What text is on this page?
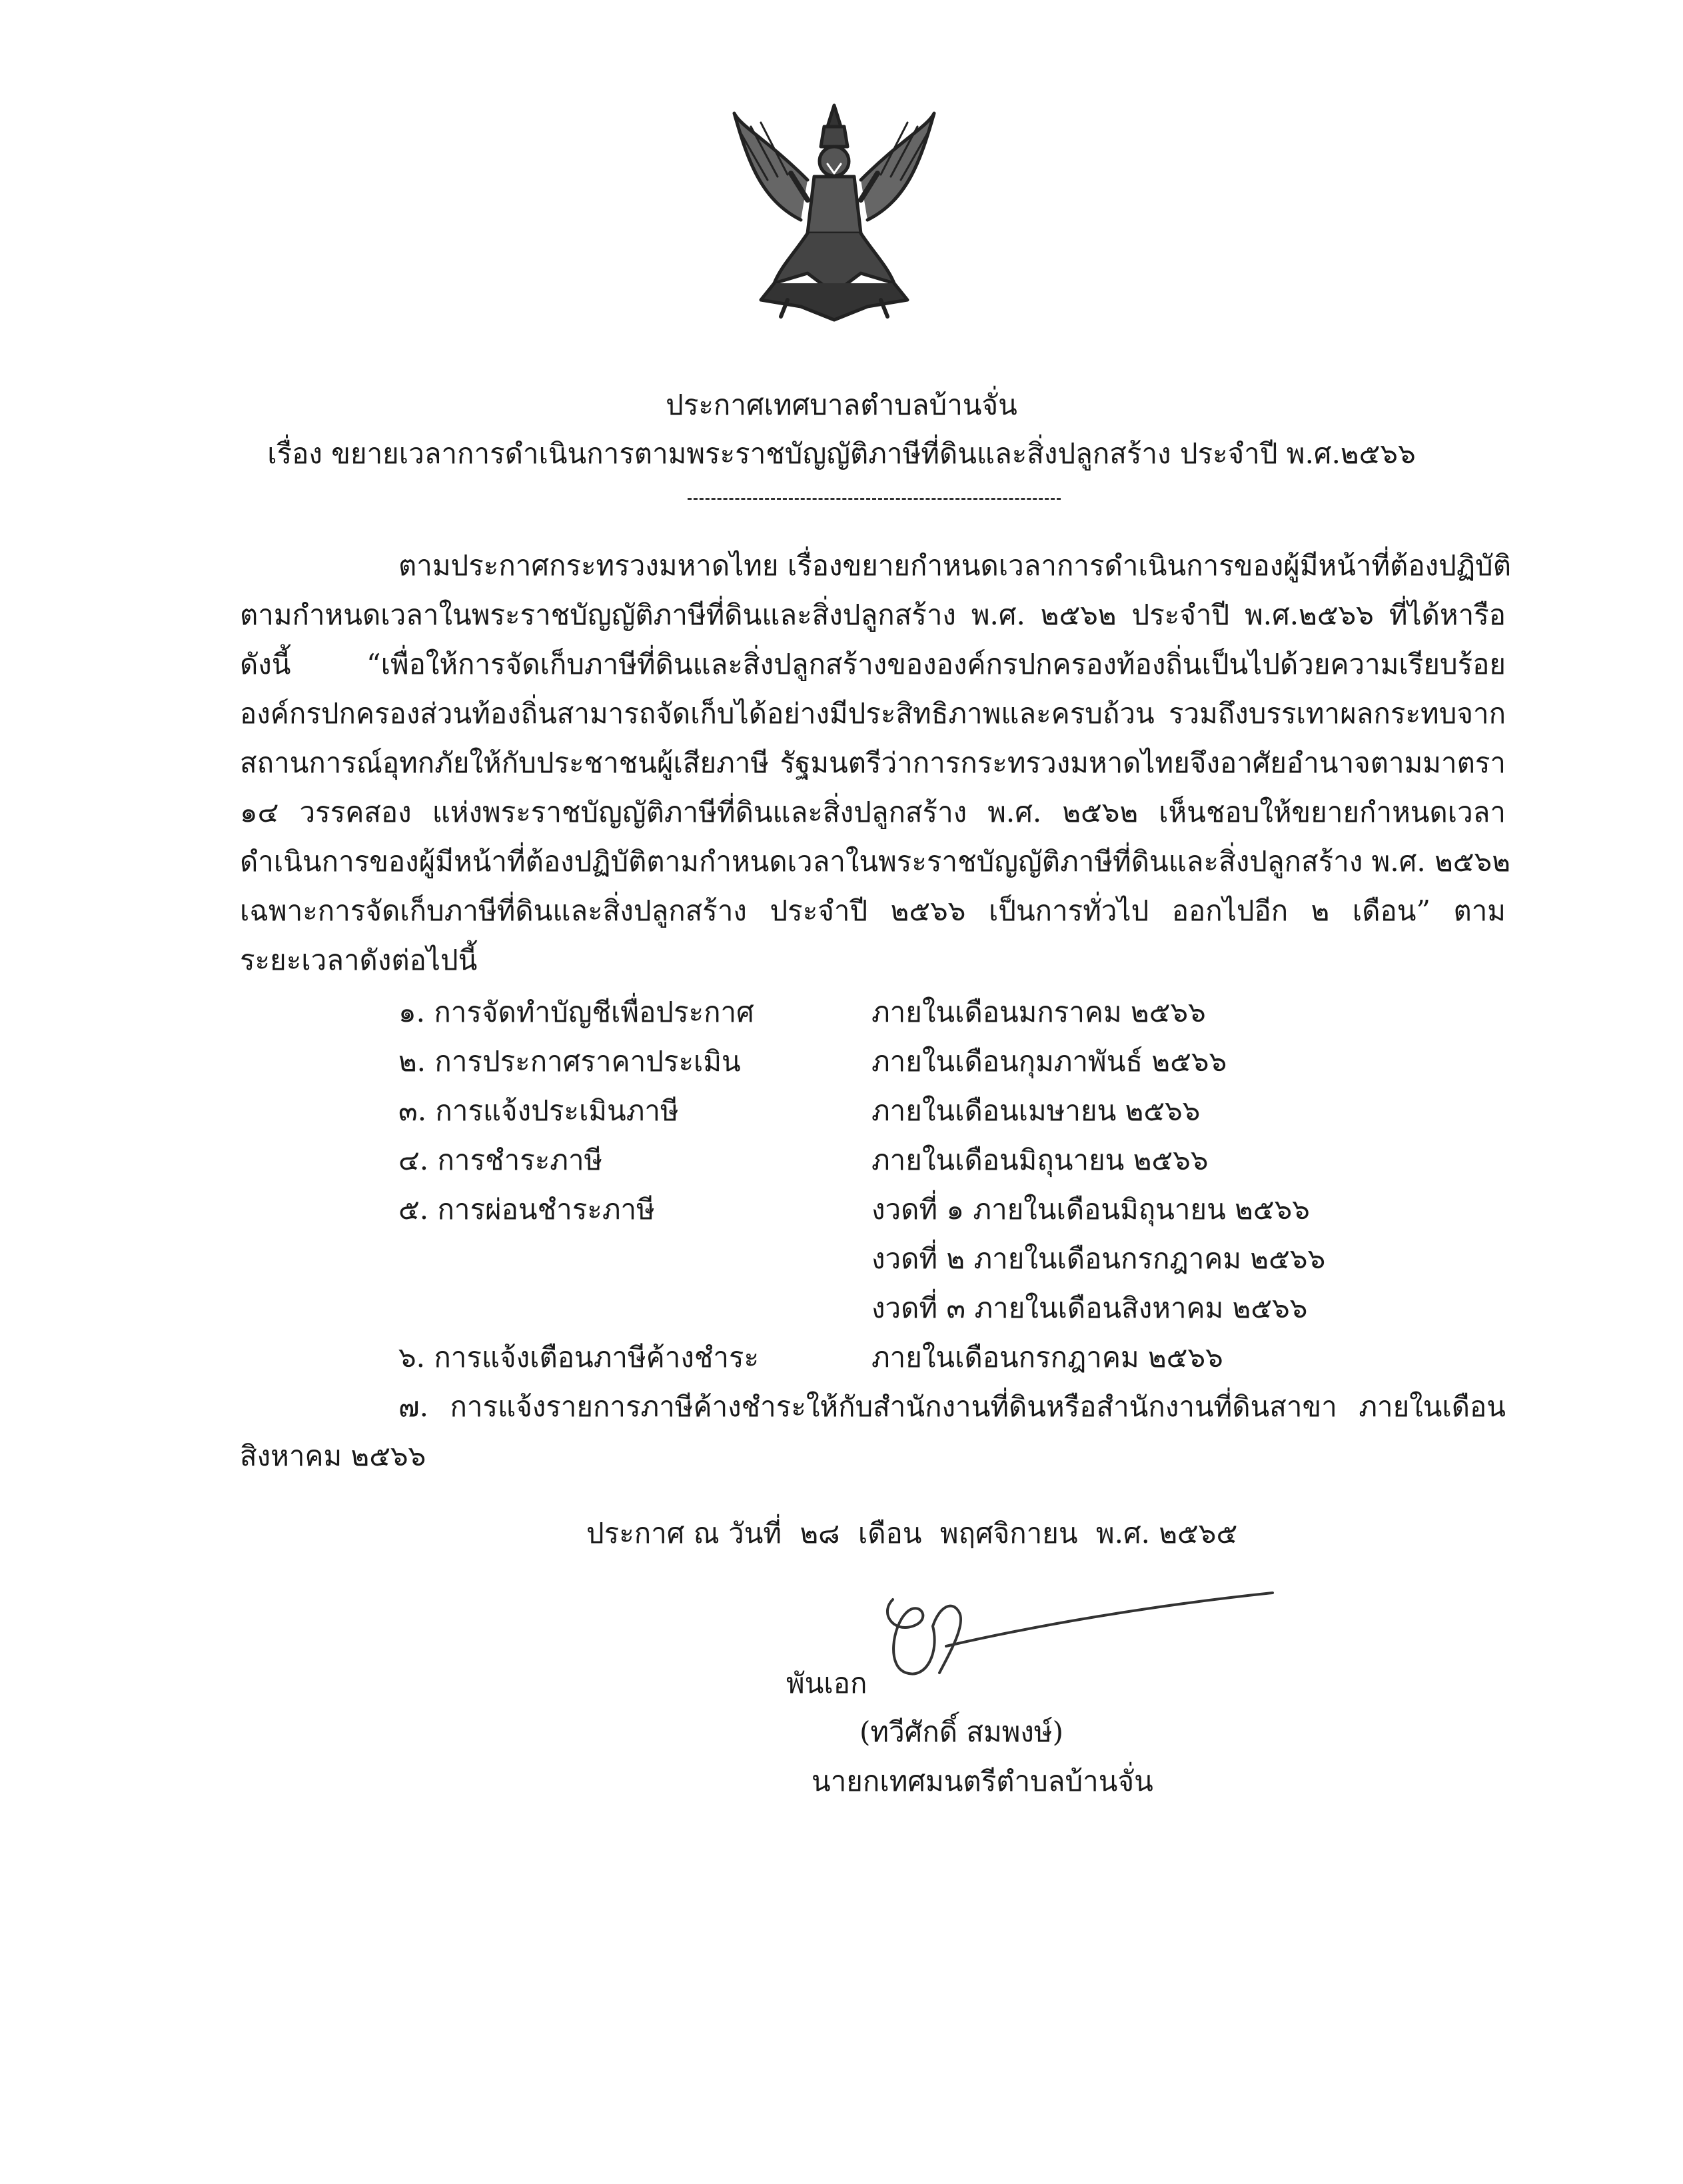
ประกาศเทศบาลตำบลบ้านจั่น
เรื่อง ขยายเวลาการดำเนินการตามพระราชบัญญัติภาษีที่ดินและสิ่งปลูกสร้าง ประจำปี พ.ศ.๒๕๖๖
ตามประกาศกระทรวงมหาดไทย เรื่องขยายกำหนดเวลาการดำเนินการของผู้มีหน้าที่ต้องปฏิบัติ
ตามกำหนดเวลาในพระราชบัญญัติภาษีที่ดินและสิ่งปลูกสร้าง พ.ศ. ๒๕๖๒ ประจำปี พ.ศ.๒๕๖๖ ที่ได้หารือ
ดังนี้ “เพื่อให้การจัดเก็บภาษีที่ดินและสิ่งปลูกสร้างขององค์กรปกครองท้องถิ่นเป็นไปด้วยความเรียบร้อย
องค์กรปกครองส่วนท้องถิ่นสามารถจัดเก็บได้อย่างมีประสิทธิภาพและครบถ้วน รวมถึงบรรเทาผลกระทบจาก
สถานการณ์อุทกภัยให้กับประชาชนผู้เสียภาษี รัฐมนตรีว่าการกระทรวงมหาดไทยจึงอาศัยอำนาจตามมาตรา
๑๔ วรรคสอง แห่งพระราชบัญญัติภาษีที่ดินและสิ่งปลูกสร้าง พ.ศ. ๒๕๖๒ เห็นชอบให้ขยายกำหนดเวลา
ดำเนินการของผู้มีหน้าที่ต้องปฏิบัติตามกำหนดเวลาในพระราชบัญญัติภาษีที่ดินและสิ่งปลูกสร้าง พ.ศ. ๒๕๖๒
เฉพาะการจัดเก็บภาษีที่ดินและสิ่งปลูกสร้าง ประจำปี ๒๕๖๖ เป็นการทั่วไป ออกไปอีก ๒ เดือน” ตาม
ระยะเวลาดังต่อไปนี้
๑. การจัดทำบัญชีเพื่อประกาศ	ภายในเดือนมกราคม ๒๕๖๖
๒. การประกาศราคาประเมิน	ภายในเดือนกุมภาพันธ์ ๒๕๖๖
๓. การแจ้งประเมินภาษี	ภายในเดือนเมษายน ๒๕๖๖
๔. การชำระภาษี	ภายในเดือนมิถุนายน ๒๕๖๖
๕. การผ่อนชำระภาษี	งวดที่ ๑ ภายในเดือนมิถุนายน ๒๕๖๖
งวดที่ ๒ ภายในเดือนกรกฎาคม ๒๕๖๖
งวดที่ ๓ ภายในเดือนสิงหาคม ๒๕๖๖
๖. การแจ้งเตือนภาษีค้างชำระ	ภายในเดือนกรกฎาคม ๒๕๖๖
๗. การแจ้งรายการภาษีค้างชำระให้กับสำนักงานที่ดินหรือสำนักงานที่ดินสาขา ภายในเดือน
สิงหาคม ๒๕๖๖
ประกาศ ณ วันที่ ๒๘ เดือน พฤศจิกายน พ.ศ. ๒๕๖๕
พันเอก
(ทวีศักดิ์ สมพงษ์)
นายกเทศมนตรีตำบลบ้านจั่น
